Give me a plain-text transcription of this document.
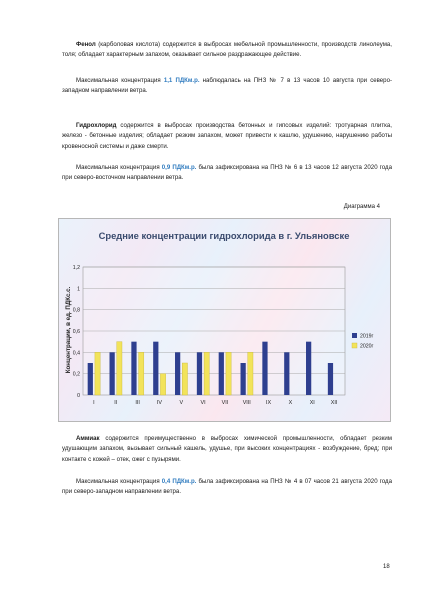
Фенол (карболовая кислота) содержится в выбросах мебельной промышленности, производств линолеума, толя; обладает характерным запахом, оказывает сильное раздражающее действие.
Максимальная концентрация 1,1 ПДКм.р. наблюдалась на ПНЗ № 7 в 13 часов 10 августа при северо-западном направлении ветра.
Гидрохлорид содержится в выбросах производства бетонных и гипсовых изделий: тротуарная плитка, железо - бетонные изделия; обладает резким запахом, может привести к кашлю, удушению, нарушению работы кровеносной системы и даже смерти.
Максимальная концентрация 0,9 ПДКм.р. была зафиксирована на ПНЗ № 6 в 13 часов 12 августа 2020 года при северо-восточном направлении ветра.
Диаграмма 4
Средние концентрации гидрохлорида в г. Ульяновске
Концентрации, в ед. ПДКс.с.
0
0,2
0,4
0,6
0,8
1
1,2
I	II	III	IV	V	VI	VII	VIII	IX	X	XI	XII
2019г
2020г
Аммиак содержится преимущественно в выбросах химической промышленности, обладает резким удушающим запахом, вызывает сильный кашель, удушье, при высоких концентрациях - возбуждение, бред; при контакте с кожей – отек, ожег с пузырями.
Максимальная концентрация 0,4 ПДКм.р. была зафиксирована на ПНЗ № 4 в 07 часов 21 августа 2020 года при северо-западном направлении ветра.
18
